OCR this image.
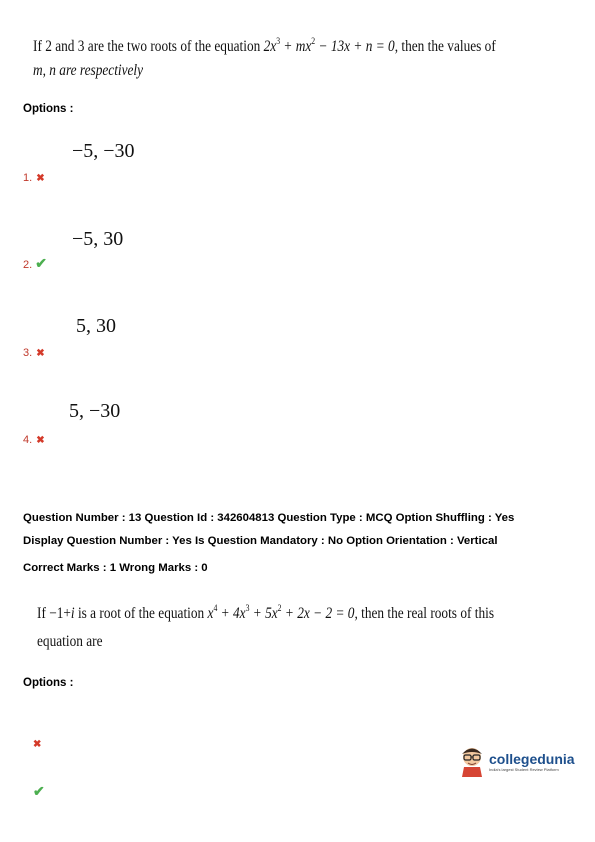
If 2 and 3 are the two roots of the equation $2x^3 + mx^2 - 13x + n = 0$, then the values of
m, n are respectively
Options :
−5, −30
1. ✖
−5, 30
2. ✔
5, 30
3. ✖
5, −30
4. ✖
Question Number : 13 Question Id : 342604813 Question Type : MCQ Option Shuffling : Yes
Display Question Number : Yes Is Question Mandatory : No Option Orientation : Vertical
Correct Marks : 1 Wrong Marks : 0
If −1+i is a root of the equation $x^4 + 4x^3 + 5x^2 + 2x - 2 = 0$, then the real roots of this
equation are
Options :
✖
✔
collegedunia
India's largest Student Review Platform
